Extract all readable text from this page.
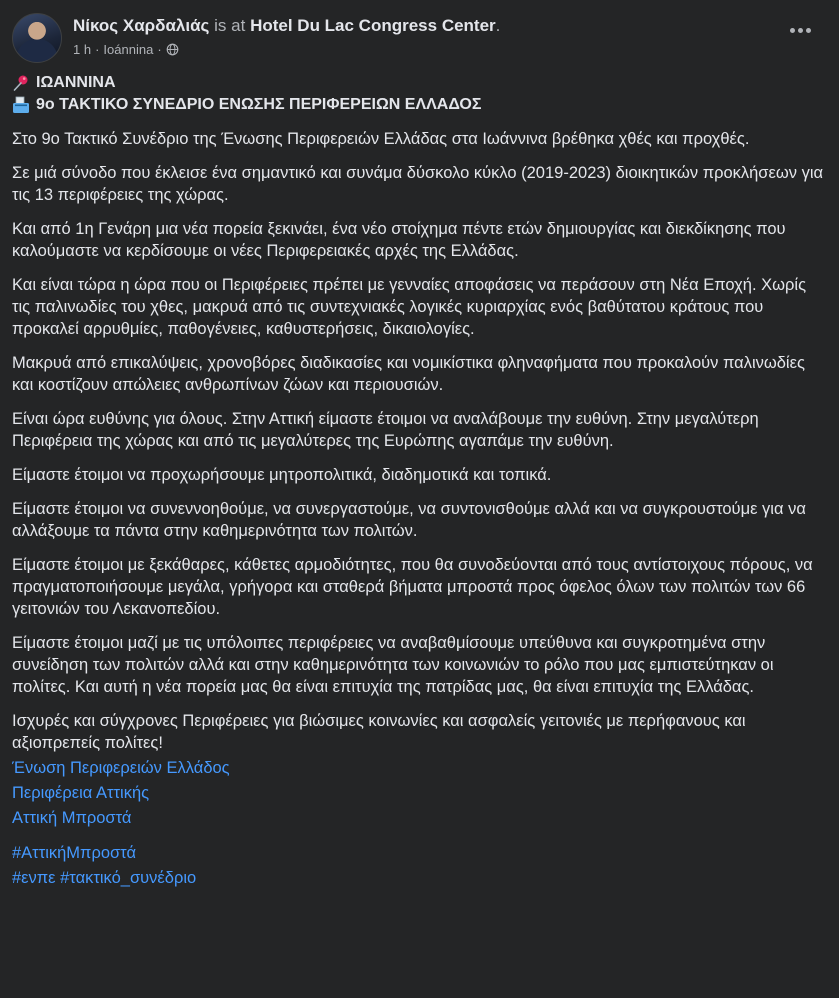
Νίκος Χαρδαλιάς is at Hotel Du Lac Congress Center.
1 h · Ioánnina ·
ΙΩΑΝΝΙΝΑ
9ο ΤΑΚΤΙΚΟ ΣΥΝΕΔΡΙΟ ΕΝΩΣΗΣ ΠΕΡΙΦΕΡΕΙΩΝ ΕΛΛΑΔΟΣ

Στο 9ο Τακτικό Συνέδριο της Ένωσης Περιφερειών Ελλάδας στα Ιωάννινα βρέθηκα χθές και προχθές.

Σε μιά σύνοδο που έκλεισε ένα σημαντικό και συνάμα δύσκολο κύκλο (2019-2023) διοικητικών προκλήσεων για τις 13 περιφέρειες της χώρας.

Και από 1η Γενάρη μια νέα πορεία ξεκινάει, ένα νέο στοίχημα πέντε ετών δημιουργίας και διεκδίκησης που καλούμαστε να κερδίσουμε οι νέες Περιφερειακές αρχές της Ελλάδας.

Και είναι τώρα η ώρα που οι Περιφέρειες πρέπει με γενναίες αποφάσεις να περάσουν στη Νέα Εποχή. Χωρίς τις παλινωδίες του χθες, μακρυά από τις συντεχνιακές λογικές κυριαρχίας ενός βαθύτατου κράτους που προκαλεί αρρυθμίες, παθογένειες, καθυστερήσεις, δικαιολογίες.

Μακρυά από επικαλύψεις, χρονοβόρες διαδικασίες και νομικίστικα φληναφήματα που προκαλούν παλινωδίες και κοστίζουν απώλειες ανθρωπίνων ζώων και περιουσιών.

Είναι ώρα ευθύνης για όλους. Στην Αττική είμαστε έτοιμοι να αναλάβουμε την ευθύνη. Στην μεγαλύτερη Περιφέρεια της χώρας και από τις μεγαλύτερες της Ευρώπης αγαπάμε την ευθύνη.

Είμαστε έτοιμοι να προχωρήσουμε μητροπολιτικά, διαδημοτικά και τοπικά.

Είμαστε έτοιμοι να συνεννοηθούμε, να συνεργαστούμε, να συντονισθούμε αλλά και να συγκρουστούμε για να αλλάξουμε τα πάντα στην καθημερινότητα των πολιτών.

Είμαστε έτοιμοι με ξεκάθαρες, κάθετες αρμοδιότητες, που θα συνοδεύονται από τους αντίστοιχους πόρους, να πραγματοποιήσουμε μεγάλα, γρήγορα και σταθερά βήματα μπροστά προς όφελος όλων των πολιτών των 66 γειτονιών του Λεκανοπεδίου.

Είμαστε έτοιμοι μαζί με τις υπόλοιπες περιφέρειες να αναβαθμίσουμε υπεύθυνα και συγκροτημένα στην συνείδηση των πολιτών αλλά και στην καθημερινότητα των κοινωνιών το ρόλο που μας εμπιστεύτηκαν οι πολίτες. Και αυτή η νέα πορεία μας θα είναι επιτυχία της πατρίδας μας, θα είναι επιτυχία της Ελλάδας.

Ισχυρές και σύγχρονες Περιφέρειες για βιώσιμες κοινωνίες και ασφαλείς γειτονιές με περήφανους και αξιοπρεπείς πολίτες!

Ένωση Περιφερειών Ελλάδος
Περιφέρεια Αττικής
Αττική Μπροστά
#ΑττικήΜπροστά
#ενπε #τακτικό_συνέδριο
